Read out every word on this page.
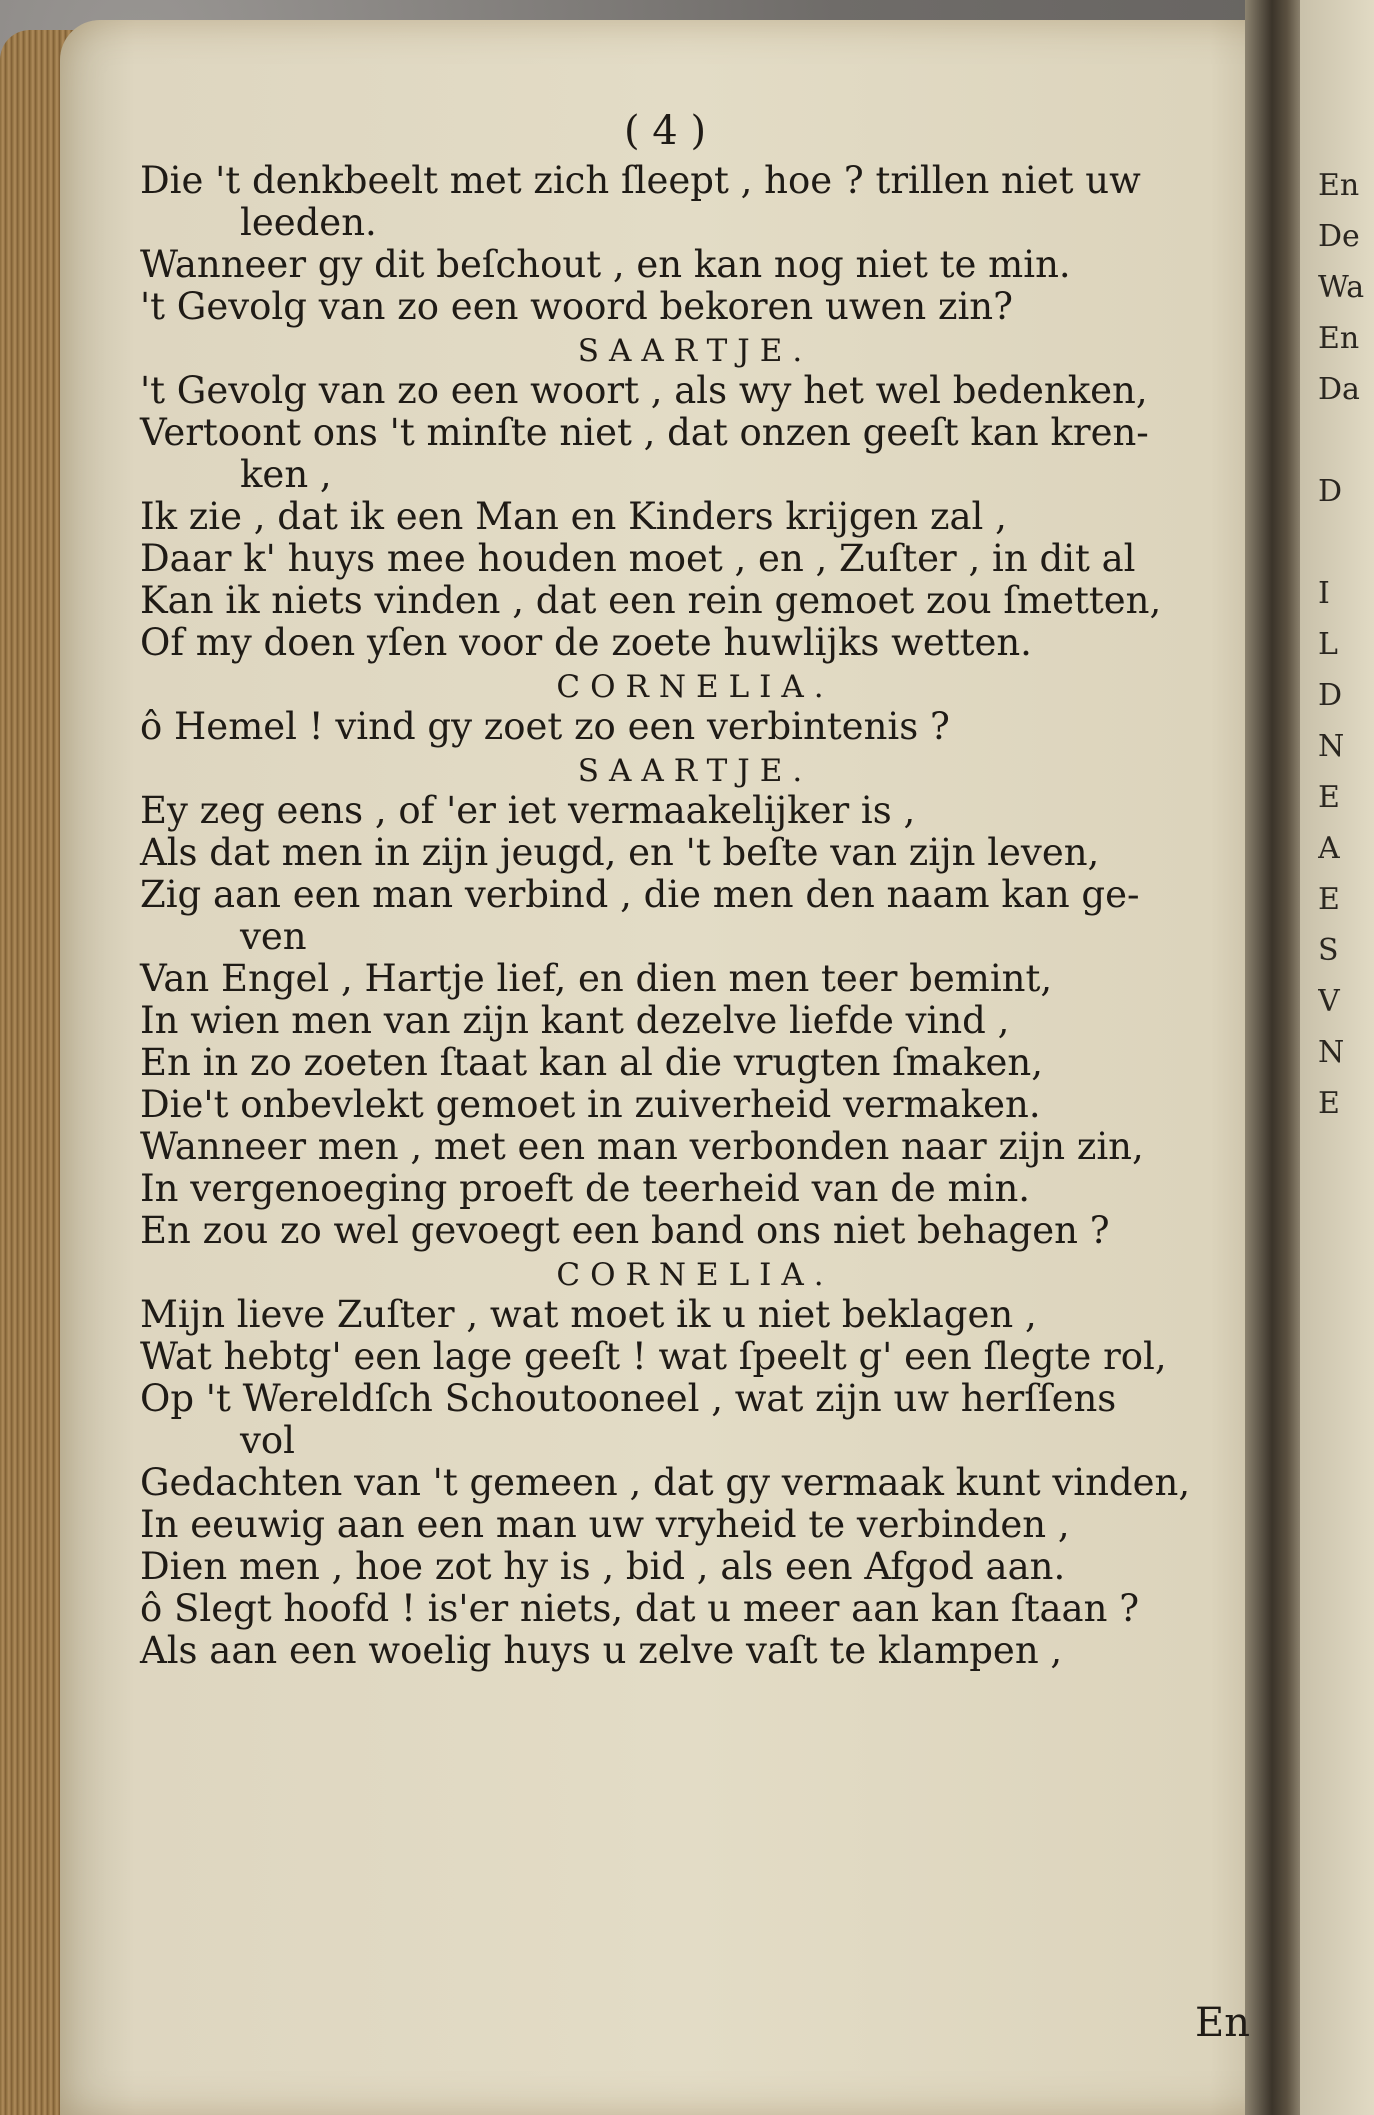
En
De
Wa
En
Da

D

I
L
D
N
E
A
E
S
V
N
E
( 4 )
Die 't denkbeelt met zich ſleept , hoe ? trillen niet uw
leeden.
Wanneer gy dit beſchout , en kan nog niet te min.
't Gevolg van zo een woord bekoren uwen zin?
SAARTJE.
't Gevolg van zo een woort , als wy het wel bedenken,
Vertoont ons 't minſte niet , dat onzen geeſt kan kren-
ken ,
Ik zie , dat ik een Man en Kinders krijgen zal ,
Daar k' huys mee houden moet , en , Zuſter , in dit al
Kan ik niets vinden , dat een rein gemoet zou ſmetten,
Of my doen yſen voor de zoete huwlijks wetten.
CORNELIA.
ô Hemel ! vind gy zoet zo een verbintenis ?
SAARTJE.
Ey zeg eens , of 'er iet vermaakelijker is ,
Als dat men in zijn jeugd, en 't beſte van zijn leven,
Zig aan een man verbind , die men den naam kan ge-
ven
Van Engel , Hartje lief, en dien men teer bemint,
In wien men van zijn kant dezelve liefde vind ,
En in zo zoeten ſtaat kan al die vrugten ſmaken,
Die't onbevlekt gemoet in zuiverheid vermaken.
Wanneer men , met een man verbonden naar zijn zin,
In vergenoeging proeft de teerheid van de min.
En zou zo wel gevoegt een band ons niet behagen ?
CORNELIA.
Mijn lieve Zuſter , wat moet ik u niet beklagen ,
Wat hebtg' een lage geeſt ! wat ſpeelt g' een ſlegte rol,
Op 't Wereldſch Schoutooneel , wat zijn uw herſſens
vol
Gedachten van 't gemeen , dat gy vermaak kunt vinden,
In eeuwig aan een man uw vryheid te verbinden ,
Dien men , hoe zot hy is , bid , als een Afgod aan.
ô Slegt hoofd ! is'er niets, dat u meer aan kan ſtaan ?
Als aan een woelig huys u zelve vaſt te klampen ,
En
